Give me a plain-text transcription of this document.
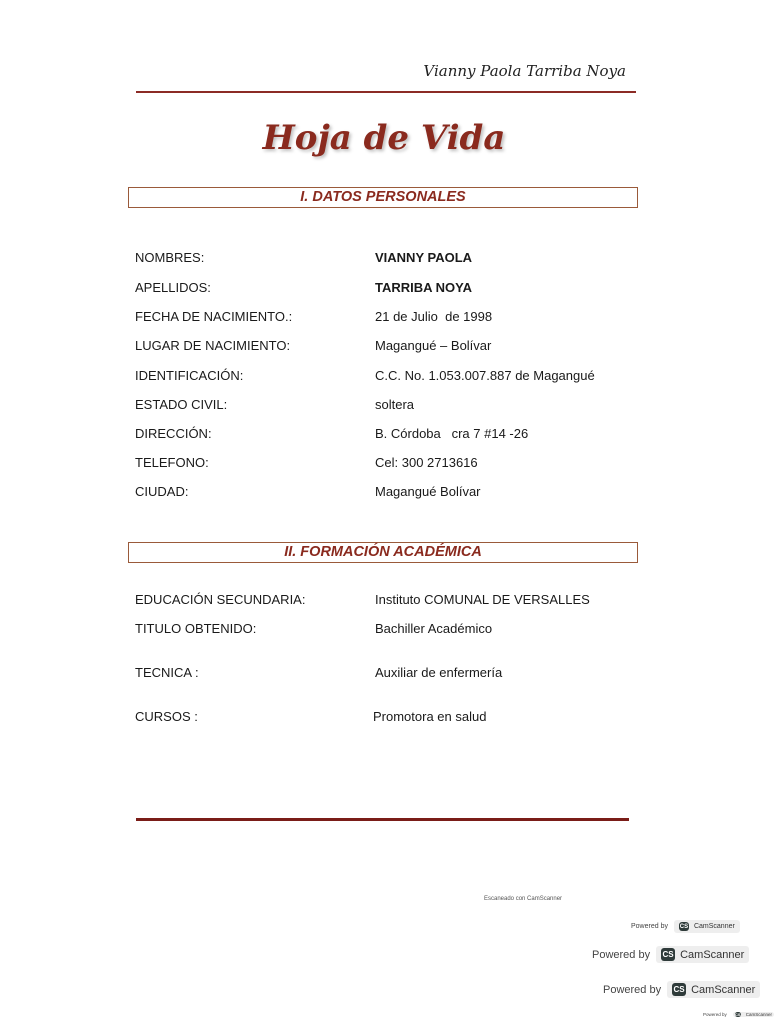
Vianny Paola Tarriba Noya
Hoja de Vida
I. DATOS PERSONALES
NOMBRES:	VIANNY PAOLA
APELLIDOS:	TARRIBA NOYA
FECHA DE NACIMIENTO.:	21 de Julio  de 1998
LUGAR DE NACIMIENTO:	Magangué – Bolívar
IDENTIFICACIÓN:	C.C. No. 1.053.007.887 de Magangué
ESTADO CIVIL:	soltera
DIRECCIÓN:	B. Córdoba   cra 7 #14 -26
TELEFONO:	Cel: 300 2713616
CIUDAD:	Magangué Bolívar
II. FORMACIÓN ACADÉMICA
EDUCACIÓN SECUNDARIA:	Instituto COMUNAL DE VERSALLES
TITULO OBTENIDO:	Bachiller Académico
TECNICA :	Auxiliar de enfermería
CURSOS :	Promotora en salud
Escaneado con CamScanner
Powered by CS CamScanner
Powered by CS CamScanner
Powered by CS CamScanner
Powered by CS CamScanner
